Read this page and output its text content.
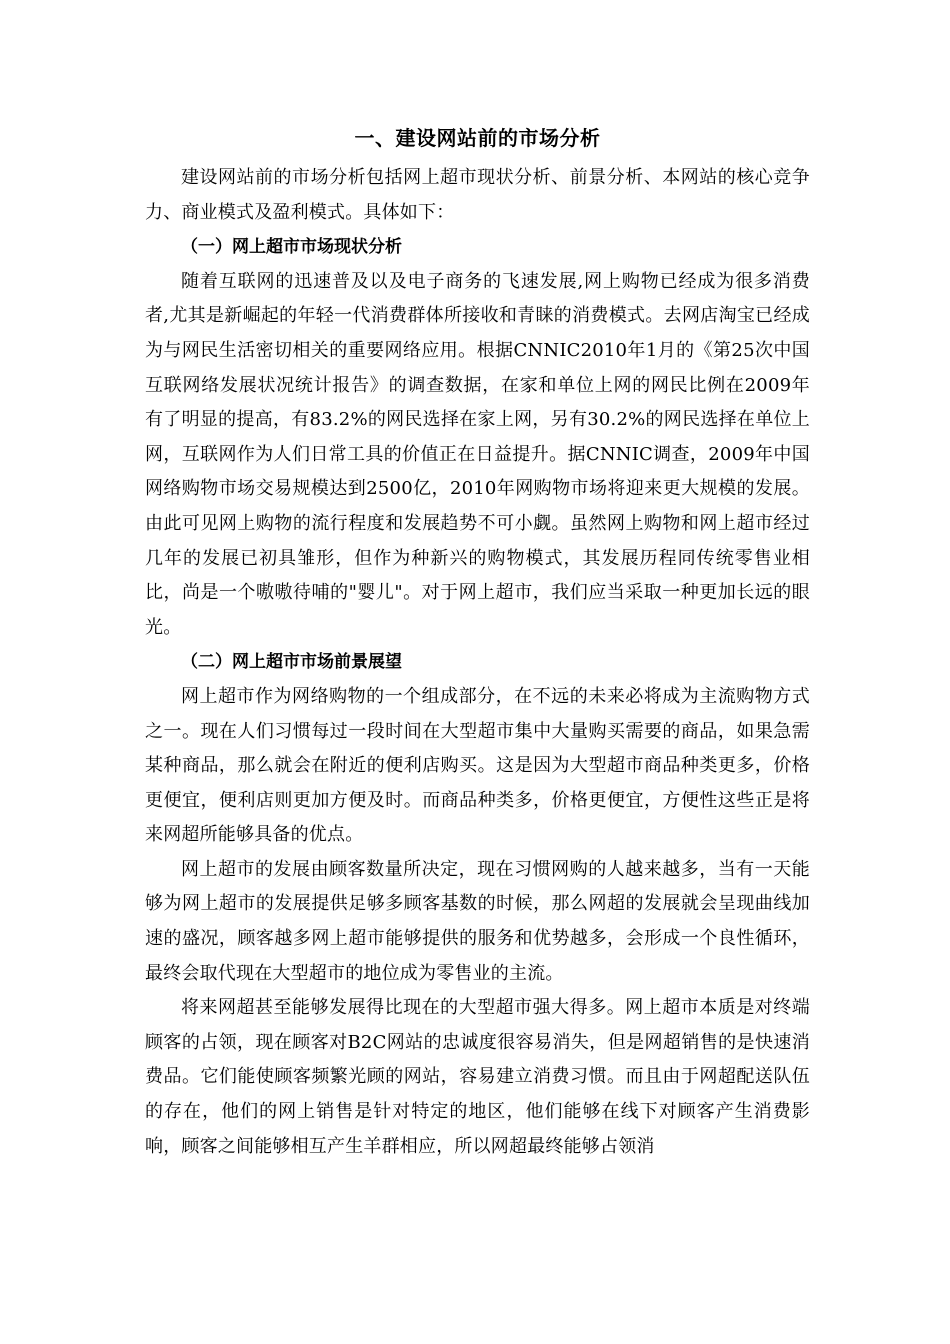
一、建设网站前的市场分析

建设网站前的市场分析包括网上超市现状分析、前景分析、本网站的核心竞争力、商业模式及盈利模式。具体如下：

（一）网上超市市场现状分析

随着互联网的迅速普及以及电子商务的飞速发展,网上购物已经成为很多消费者,尤其是新崛起的年轻一代消费群体所接收和青睐的消费模式。去网店淘宝已经成为与网民生活密切相关的重要网络应用。根据CNNIC2010年1月的《第25次中国互联网络发展状况统计报告》的调查数据，在家和单位上网的网民比例在2009年有了明显的提高，有83.2%的网民选择在家上网，另有30.2%的网民选择在单位上网，互联网作为人们日常工具的价值正在日益提升。据CNNIC调查，2009年中国网络购物市场交易规模达到2500亿，2010年网购物市场将迎来更大规模的发展。由此可见网上购物的流行程度和发展趋势不可小觑。虽然网上购物和网上超市经过几年的发展已初具雏形，但作为种新兴的购物模式，其发展历程同传统零售业相比，尚是一个嗷嗷待哺的"婴儿"。对于网上超市，我们应当采取一种更加长远的眼光。

（二）网上超市市场前景展望

网上超市作为网络购物的一个组成部分，在不远的未来必将成为主流购物方式之一。现在人们习惯每过一段时间在大型超市集中大量购买需要的商品，如果急需某种商品，那么就会在附近的便利店购买。这是因为大型超市商品种类更多，价格更便宜，便利店则更加方便及时。而商品种类多，价格更便宜，方便性这些正是将来网超所能够具备的优点。

网上超市的发展由顾客数量所决定，现在习惯网购的人越来越多，当有一天能够为网上超市的发展提供足够多顾客基数的时候，那么网超的发展就会呈现曲线加速的盛况，顾客越多网上超市能够提供的服务和优势越多，会形成一个良性循环，最终会取代现在大型超市的地位成为零售业的主流。

将来网超甚至能够发展得比现在的大型超市强大得多。网上超市本质是对终端顾客的占领，现在顾客对B2C网站的忠诚度很容易消失，但是网超销售的是快速消费品。它们能使顾客频繁光顾的网站，容易建立消费习惯。而且由于网超配送队伍的存在，他们的网上销售是针对特定的地区，他们能够在线下对顾客产生消费影响，顾客之间能够相互产生羊群相应，所以网超最终能够占领消
